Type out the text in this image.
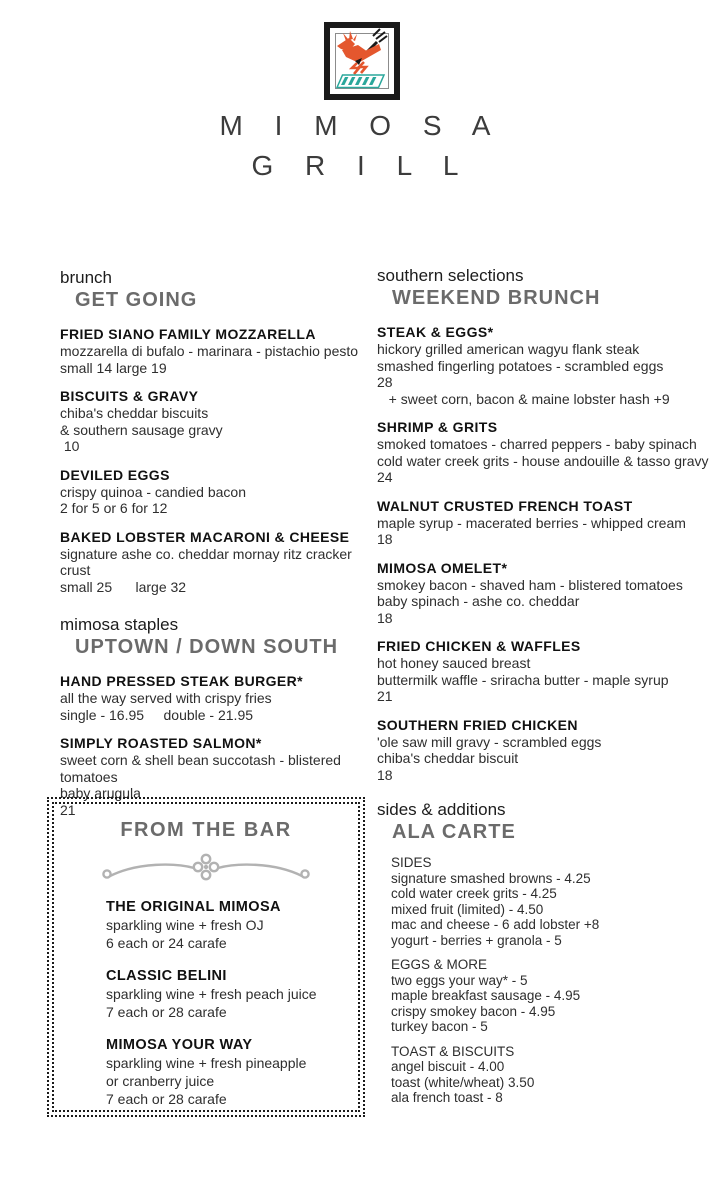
M I M O S A
G R I L L
brunch
GET GOING
FRIED SIANO FAMILY MOZZARELLA
mozzarella di bufalo - marinara - pistachio pesto
small 14 large 19
BISCUITS & GRAVY
chiba's cheddar biscuits
& southern sausage gravy
10
DEVILED EGGS
crispy quinoa - candied bacon
2 for 5 or 6 for 12
BAKED LOBSTER MACARONI & CHEESE
signature ashe co. cheddar mornay ritz cracker crust
small 25      large 32
mimosa staples
UPTOWN / DOWN SOUTH
HAND PRESSED STEAK BURGER*
all the way served with crispy fries
single - 16.95     double - 21.95
SIMPLY ROASTED SALMON*
sweet corn & shell bean succotash - blistered tomatoes
baby arugula
21
southern selections
WEEKEND BRUNCH
STEAK & EGGS*
hickory grilled american wagyu flank steak
smashed fingerling potatoes - scrambled eggs
28
+ sweet corn, bacon & maine lobster hash +9
SHRIMP & GRITS
smoked tomatoes - charred peppers - baby spinach
cold water creek grits - house andouille & tasso gravy
24
WALNUT CRUSTED FRENCH TOAST
maple syrup - macerated berries - whipped cream
18
MIMOSA OMELET*
smokey bacon - shaved ham - blistered tomatoes
baby spinach - ashe co. cheddar
18
FRIED CHICKEN & WAFFLES
hot honey sauced breast
buttermilk waffle - sriracha butter - maple syrup
21
SOUTHERN FRIED CHICKEN
'ole saw mill gravy - scrambled eggs
chiba's cheddar biscuit
18
FROM THE BAR
THE ORIGINAL MIMOSA
sparkling wine + fresh OJ
6 each or 24 carafe
CLASSIC BELINI
sparkling wine + fresh peach juice
7 each or 28 carafe
MIMOSA YOUR WAY
sparkling wine + fresh pineapple
or cranberry juice
7 each or 28 carafe
sides & additions
ALA CARTE
SIDES
signature smashed browns - 4.25
cold water creek grits - 4.25
mixed fruit (limited) - 4.50
mac and cheese - 6 add lobster +8
yogurt - berries + granola - 5
EGGS & MORE
two eggs your way* - 5
maple breakfast sausage - 4.95
crispy smokey bacon - 4.95
turkey bacon - 5
TOAST & BISCUITS
angel biscuit - 4.00
toast (white/wheat) 3.50
ala french toast - 8
